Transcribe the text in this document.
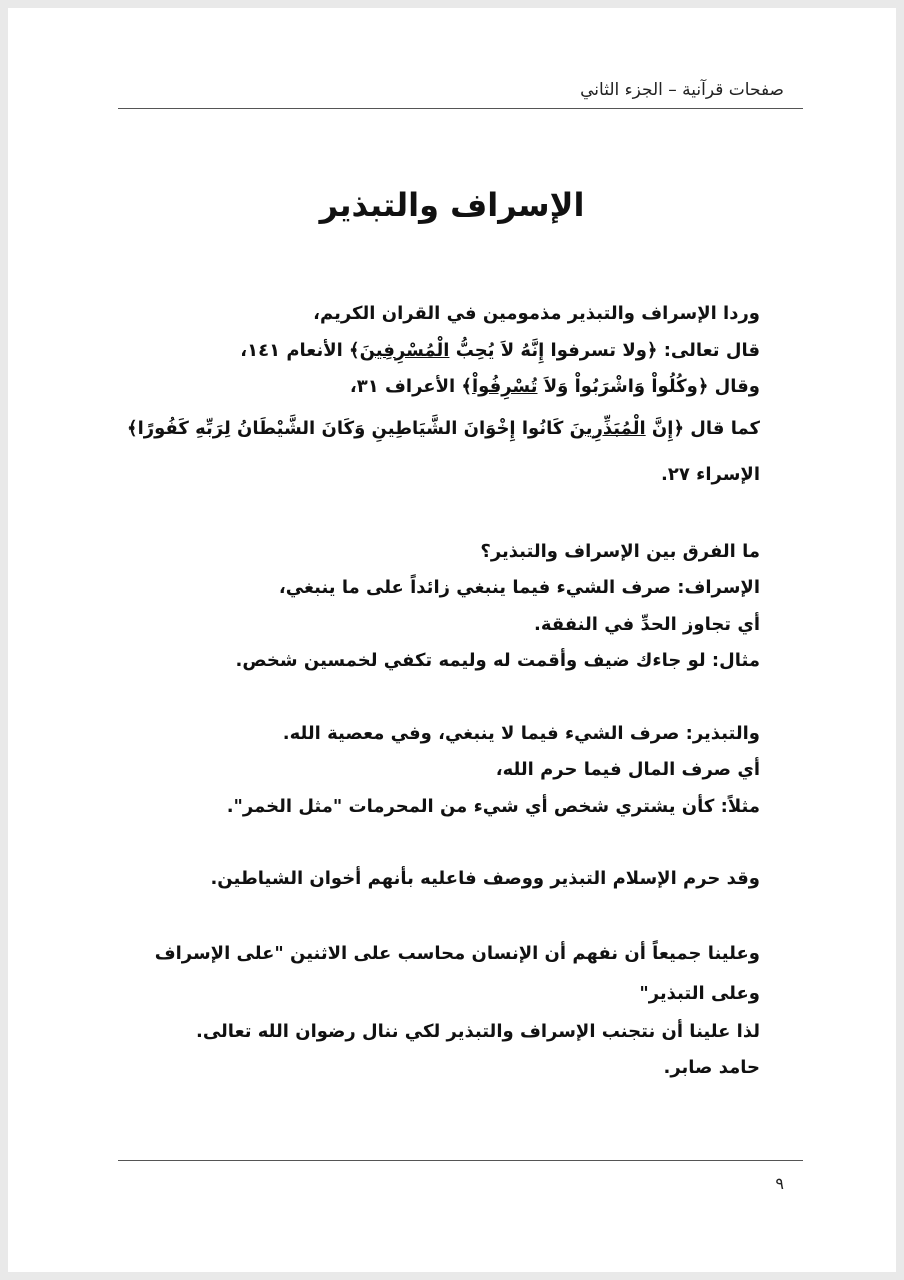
صفحات قرآنية – الجزء الثاني
الإسراف والتبذير

وردا الإسراف والتبذير مذمومين في القران الكريم،

قال تعالى: ﴿ولا تسرفوا إِنَّهُ لاَ يُحِبُّ الْمُسْرِفِينَ﴾ الأنعام ١٤١،

وقال ﴿وكُلُواْ وَاشْرَبُواْ وَلاَ تُسْرِفُواْ﴾ الأعراف ٣١،

كما قال ﴿إِنَّ الْمُبَذِّرِينَ كَانُوا إِخْوَانَ الشَّيَاطِينِ وَكَانَ الشَّيْطَانُ لِرَبِّهِ كَفُورًا﴾ الإسراء ٢٧.

ما الفرق بين الإسراف والتبذير؟

الإسراف: صرف الشيء فيما ينبغي زائداً على ما ينبغي،

أي تجاوز الحدِّ في النفقة.

مثال: لو جاءك ضيف وأقمت له وليمه تكفي لخمسين شخص.

والتبذير: صرف الشيء فيما لا ينبغي، وفي معصية الله.

أي صرف المال فيما حرم الله،

مثلاً: كأن يشتري شخص أي شيء من المحرمات "مثل الخمر".

وقد حرم الإسلام التبذير ووصف فاعليه بأنهم أخوان الشياطين.

وعلينا جميعاً أن نفهم أن الإنسان محاسب على الاثنين "على الإسراف وعلى التبذير"

لذا علينا أن نتجنب الإسراف والتبذير لكي ننال رضوان الله تعالى.

حامد صابر.

٩
